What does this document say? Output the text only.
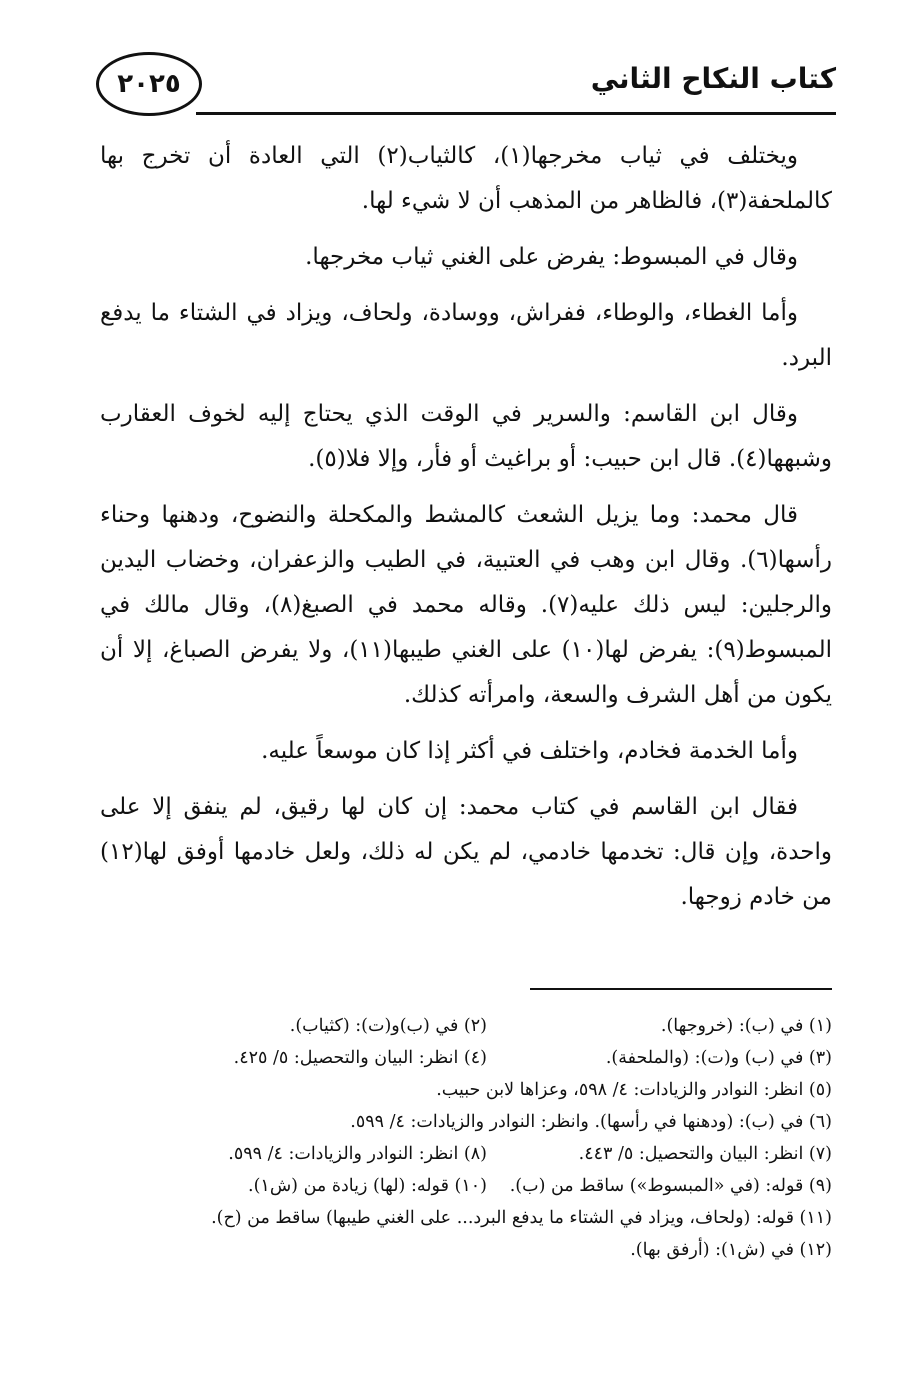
٢٠٢٥	كتاب النكاح الثاني

ويختلف في ثياب مخرجها(١)، كالثياب(٢) التي العادة أن تخرج بها كالملحفة(٣)، فالظاهر من المذهب أن لا شيء لها.

وقال في المبسوط: يفرض على الغني ثياب مخرجها.

وأما الغطاء، والوطاء، ففراش، ووسادة، ولحاف، ويزاد في الشتاء ما يدفع البرد.

وقال ابن القاسم: والسرير في الوقت الذي يحتاج إليه لخوف العقارب وشبهها(٤). قال ابن حبيب: أو براغيث أو فأر، وإلا فلا(٥).

قال محمد: وما يزيل الشعث كالمشط والمكحلة والنضوح، ودهنها وحناء رأسها(٦). وقال ابن وهب في العتبية، في الطيب والزعفران، وخضاب اليدين والرجلين: ليس ذلك عليه(٧). وقاله محمد في الصبغ(٨)، وقال مالك في المبسوط(٩): يفرض لها(١٠) على الغني طيبها(١١)، ولا يفرض الصباغ، إلا أن يكون من أهل الشرف والسعة، وامرأته كذلك.

وأما الخدمة فخادم، واختلف في أكثر إذا كان موسعاً عليه.

فقال ابن القاسم في كتاب محمد: إن كان لها رقيق، لم ينفق إلا على واحدة، وإن قال: تخدمها خادمي، لم يكن له ذلك، ولعل خادمها أوفق لها(١٢) من خادم زوجها.

(١) في (ب): (خروجها).
(٢) في (ب)و(ت): (كثياب).
(٣) في (ب) و(ت): (والملحفة).
(٤) انظر: البيان والتحصيل: ٥/ ٤٢٥.
(٥) انظر: النوادر والزيادات: ٤/ ٥٩٨، وعزاها لابن حبيب.
(٦) في (ب): (ودهنها في رأسها). وانظر: النوادر والزيادات: ٤/ ٥٩٩.
(٧) انظر: البيان والتحصيل: ٥/ ٤٤٣.
(٨) انظر: النوادر والزيادات: ٤/ ٥٩٩.
(٩) قوله: (في «المبسوط») ساقط من (ب).
(١٠) قوله: (لها) زيادة من (ش١).
(١١) قوله: (ولحاف، ويزاد في الشتاء ما يدفع البرد... على الغني طيبها) ساقط من (ح).
(١٢) في (ش١): (أرفق بها).
